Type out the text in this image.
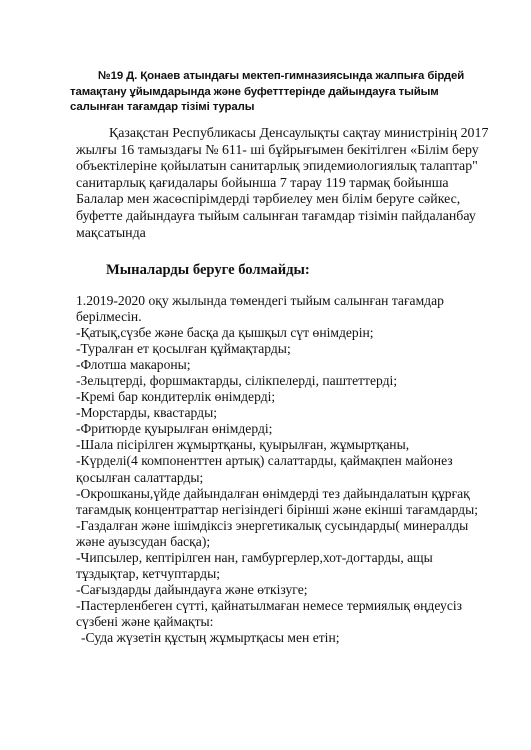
№19 Д. Қонаев атындағы мектеп-гимназиясында жалпыға бірдей тамақтану ұйымдарында және буфетттерінде дайындауға тыйым салынған тағамдар тізімі туралы
Қазақстан Республикасы Денсаулықты сақтау министрінің 2017 жылғы 16 тамыздағы № 611- ші бұйрығымен бекітілген «Білім беру объектілеріне қойылатын санитарлық эпидемиологиялық талаптар" санитарлық қағидалары бойынша 7 тарау 119 тармақ бойынша Балалар мен жасөспірімдерді тәрбиелеу мен білім беруге сәйкес, буфетте дайындауға тыйым салынған тағамдар тізімін пайдаланбау мақсатында
Мыналарды беруге болмайды:
1.2019-2020 оқу жылында төмендегі тыйым салынған тағамдар берілмесін.
-Қатық,сүзбе және басқа да қышқыл сүт өнімдерін;
-Туралған ет қосылған құймақтарды;
-Флотша макароны;
-Зельцтерді, форшмактарды, сілікпелерді, паштеттерді;
-Кремі бар кондитерлік өнімдерді;
-Морстарды, квастарды;
-Фритюрде қуырылған өнімдерді;
-Шала пісірілген жұмыртқаны, қуырылған, жұмыртқаны,
-Күрделі(4 компоненттен артық) салаттарды, қаймақпен майонез қосылған салаттарды;
-Окрошканы,үйде дайындалған өнімдерді тез дайындалатын құрғақ тағамдық концентраттар негізіндегі бірінші және екінші тағамдарды;
-Газдалған және ішімдіксіз энергетикалық сусындарды( минералды және ауызсудан басқа);
-Чипсылер, кептірілген нан, гамбургерлер,хот-догтарды, ащы тұздықтар, кетчуптарды;
-Сағыздарды дайындауға және өткізуге;
-Пастерленбеген сүтті, қайнатылмаған немесе термиялық өңдеусіз сүзбені және қаймақты:
-Суда жүзетін құстың жұмыртқасы мен етін;
